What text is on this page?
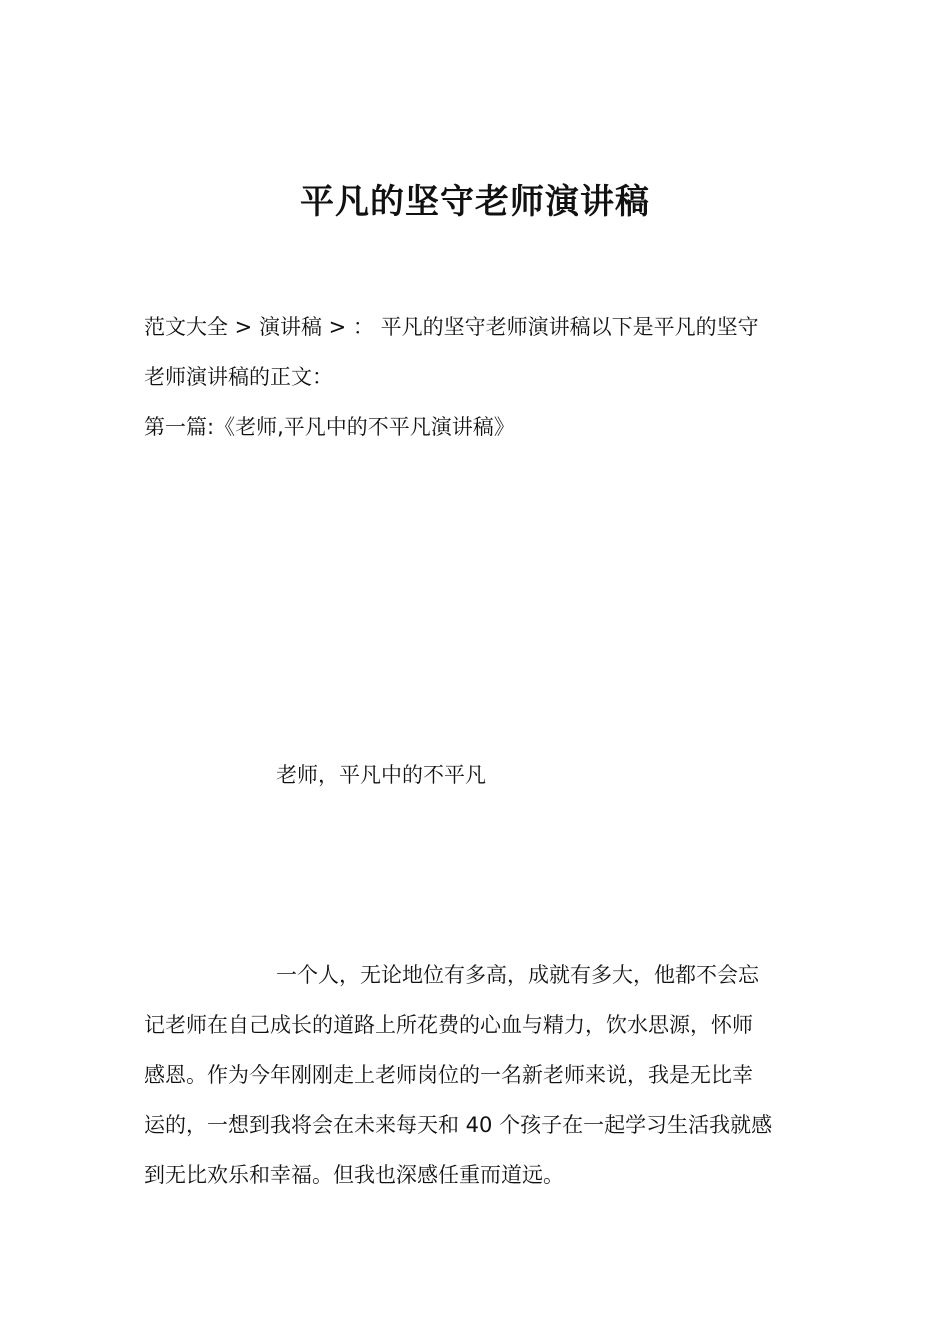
平凡的坚守老师演讲稿
范文大全 > 演讲稿 > ： 平凡的坚守老师演讲稿以下是平凡的坚守
老师演讲稿的正文：
第一篇:《老师,平凡中的不平凡演讲稿》
老师，平凡中的不平凡
一个人，无论地位有多高，成就有多大，他都不会忘
记老师在自己成长的道路上所花费的心血与精力，饮水思源，怀师
感恩。作为今年刚刚走上老师岗位的一名新老师来说，我是无比幸
运的，一想到我将会在未来每天和 40 个孩子在一起学习生活我就感
到无比欢乐和幸福。但我也深感任重而道远。
